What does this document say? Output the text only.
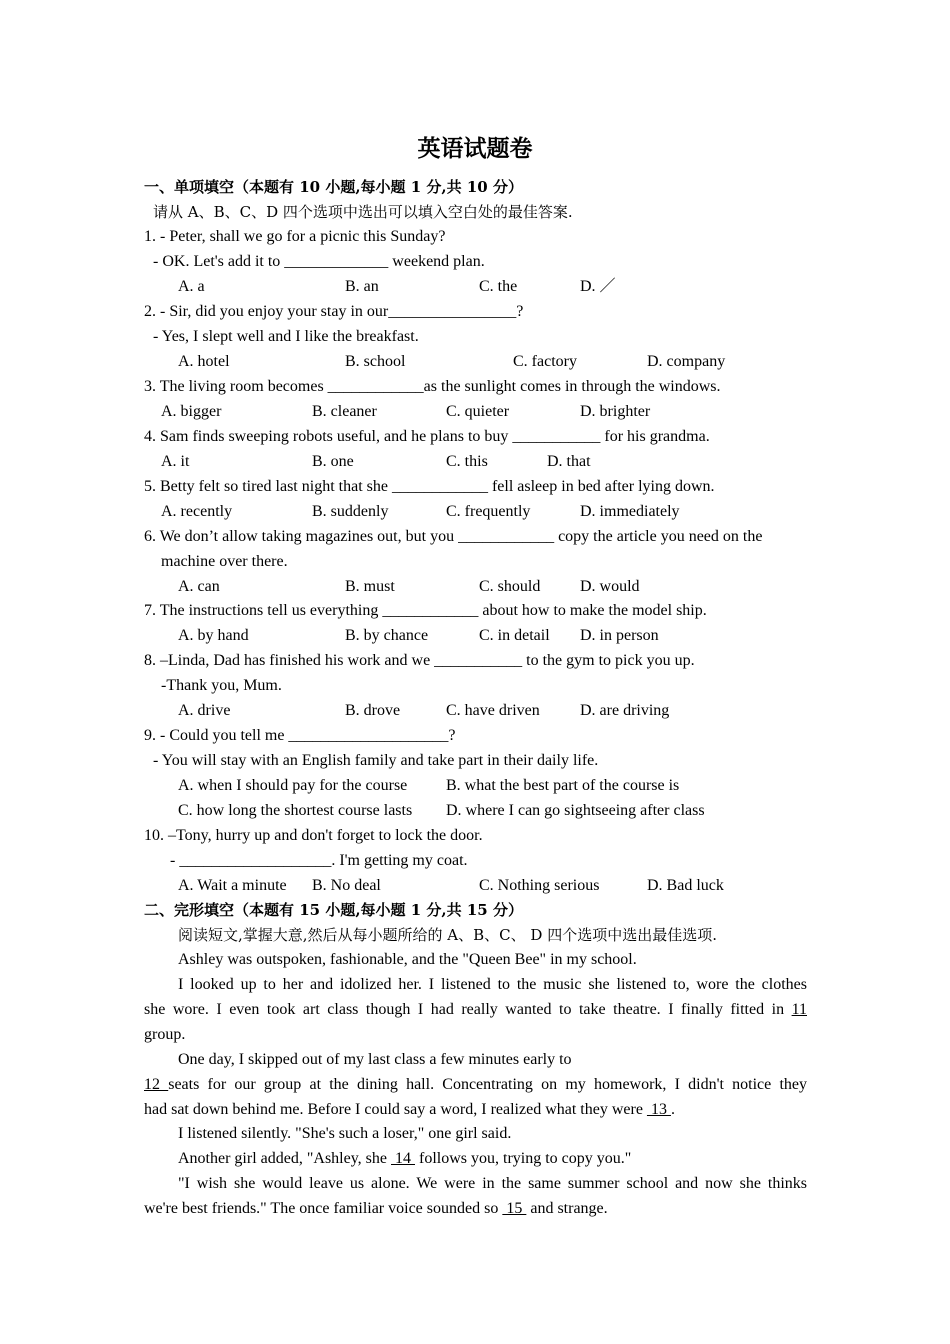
英语试题卷
一、单项填空（本题有 10 小题,每小题 1 分,共 10 分）
请从 A、B、C、D 四个选项中选出可以填入空白处的最佳答案.
1. - Peter, shall we go for a picnic this Sunday?
- OK. Let's add it to _____________ weekend plan.
A. a	B. an	C. the	D. ／
2. - Sir, did you enjoy your stay in our________________?
- Yes, I slept well and I like the breakfast.
A. hotel	B. school	C. factory	D. company
3. The living room becomes ____________as the sunlight comes in through the windows.
A. bigger	B. cleaner	C. quieter	D. brighter
4. Sam finds sweeping robots useful, and he plans to buy ___________ for his grandma.
A. it	B. one	C. this	D. that
5. Betty felt so tired last night that she ____________ fell asleep in bed after lying down.
A. recently	B. suddenly	C. frequently	D. immediately
6. We don’t allow taking magazines out, but you ____________ copy the article you need on the
machine over there.
A. can	B. must	C. should D. would
7. The instructions tell us everything ____________ about how to make the model ship.
A. by hand	B. by chance	C. in detail D. in person
8. –Linda, Dad has finished his work and we ___________ to the gym to pick you up.
-Thank you, Mum.
A. drive	B. drove	C. have driven	D. are driving
9. - Could you tell me ____________________?
- You will stay with an English family and take part in their daily life.
A. when I should pay for the course B. what the best part of the course is
C. how long the shortest course lasts D. where I can go sightseeing after class
10. –Tony, hurry up and don't forget to lock the door.
- ___________________. I'm getting my coat.
A. Wait a minute B. No deal	C. Nothing serious	D. Bad luck
二、完形填空（本题有 15 小题,每小题 1 分,共 15 分）
阅读短文,掌握大意,然后从每小题所给的 A、B、C、 D 四个选项中选出最佳选项.
Ashley was outspoken, fashionable, and the "Queen Bee" in my school.
I looked up to her and idolized her. I listened to the music she listened to, wore the clothes
she wore. I even took art class though I had really wanted to take theatre. I finally fitted in 11
group.
One day, I skipped out of my last class a few minutes early to
12 seats for our group at the dining hall. Concentrating on my homework, I didn't notice they
had sat down behind me. Before I could say a word, I realized what they were  13 .
I listened silently. "She's such a loser," one girl said.
Another girl added, "Ashley, she  14  follows you, trying to copy you."
"I wish she would leave us alone. We were in the same summer school and now she thinks
we're best friends." The once familiar voice sounded so  15  and strange.
